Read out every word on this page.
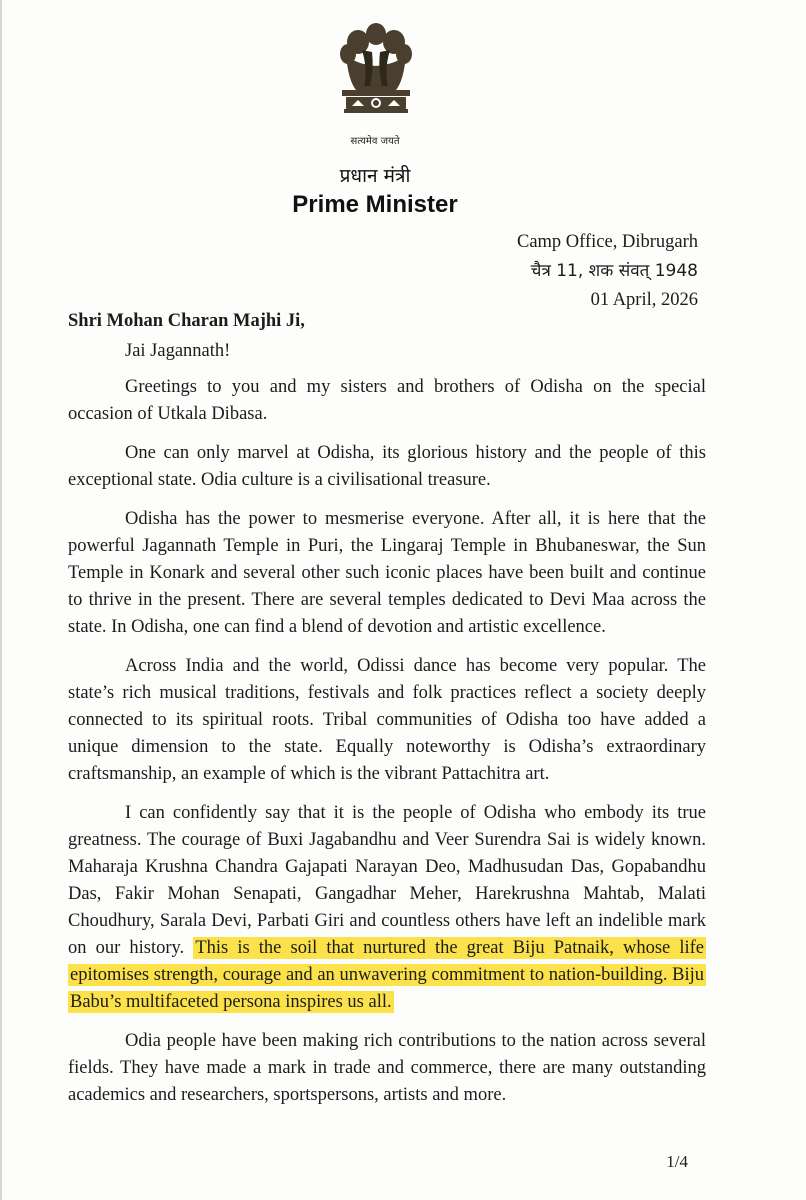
सत्यमेव जयते
प्रधान मंत्री
Prime Minister
Camp Office, Dibrugarh
चैत्र 11, शक संवत् 1948
01 April, 2026
Shri Mohan Charan Majhi Ji,

Jai Jagannath!

Greetings to you and my sisters and brothers of Odisha on the special occasion of Utkala Dibasa.

One can only marvel at Odisha, its glorious history and the people of this exceptional state. Odia culture is a civilisational treasure.

Odisha has the power to mesmerise everyone. After all, it is here that the powerful Jagannath Temple in Puri, the Lingaraj Temple in Bhubaneswar, the Sun Temple in Konark and several other such iconic places have been built and continue to thrive in the present. There are several temples dedicated to Devi Maa across the state. In Odisha, one can find a blend of devotion and artistic excellence.

Across India and the world, Odissi dance has become very popular. The state’s rich musical traditions, festivals and folk practices reflect a society deeply connected to its spiritual roots. Tribal communities of Odisha too have added a unique dimension to the state. Equally noteworthy is Odisha’s extraordinary craftsmanship, an example of which is the vibrant Pattachitra art.

I can confidently say that it is the people of Odisha who embody its true greatness. The courage of Buxi Jagabandhu and Veer Surendra Sai is widely known. Maharaja Krushna Chandra Gajapati Narayan Deo, Madhusudan Das, Gopabandhu Das, Fakir Mohan Senapati, Gangadhar Meher, Harekrushna Mahtab, Malati Choudhury, Sarala Devi, Parbati Giri and countless others have left an indelible mark on our history. This is the soil that nurtured the great Biju Patnaik, whose life epitomises strength, courage and an unwavering commitment to nation-building. Biju Babu’s multifaceted persona inspires us all.

Odia people have been making rich contributions to the nation across several fields. They have made a mark in trade and commerce, there are many outstanding academics and researchers, sportspersons, artists and more.

1/4
